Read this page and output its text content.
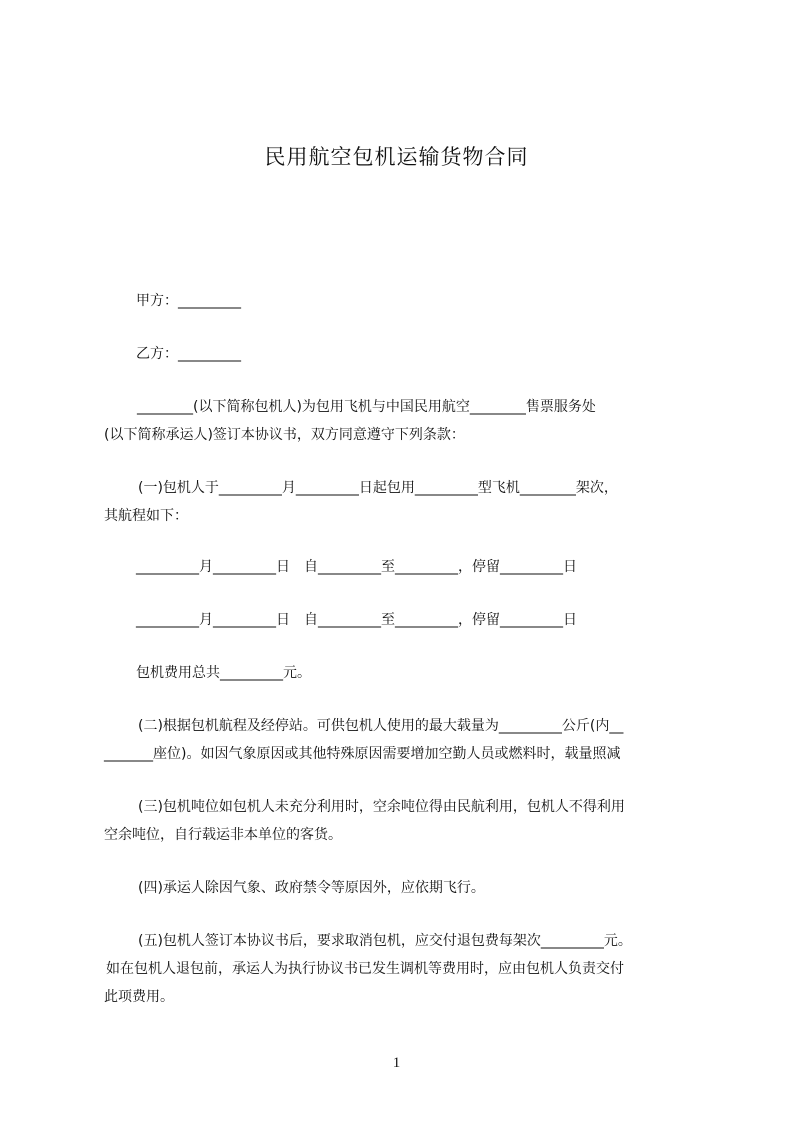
民用航空包机运输货物合同
甲方：_________
乙方：_________
________(以下简称包机人)为包用飞机与中国民用航空________售票服务处
(以下简称承运人)签订本协议书，双方同意遵守下列条款：
(一)包机人于_________月_________日起包用_________型飞机________架次，
其航程如下：
_________月_________日　自_________至_________，停留_________日
_________月_________日　自_________至_________，停留_________日
包机费用总共_________元。
(二)根据包机航程及经停站。可供包机人使用的最大载量为_________公斤(内__
_______座位)。如因气象原因或其他特殊原因需要增加空勤人员或燃料时，载量照减
(三)包机吨位如包机人未充分利用时，空余吨位得由民航利用，包机人不得利用
空余吨位，自行载运非本单位的客货。
(四)承运人除因气象、政府禁令等原因外，应依期飞行。
(五)包机人签订本协议书后，要求取消包机，应交付退包费每架次_________元。
如在包机人退包前，承运人为执行协议书已发生调机等费用时，应由包机人负责交付
此项费用。
1
